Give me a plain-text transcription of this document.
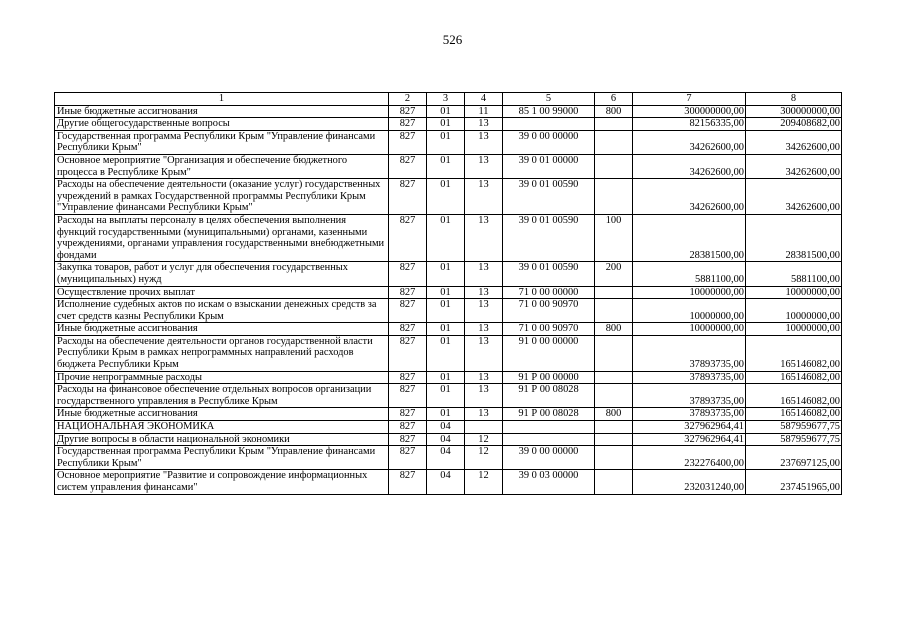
526
1	2	3	4	5	6	7	8
Иные бюджетные ассигнования	827	01	11	85 1 00 99000	800	300000000,00	300000000,00
Другие общегосударственные вопросы	827	01	13			82156335,00	209408682,00
Государственная программа Республики Крым "Управление финансами Республики Крым"	827	01	13	39 0 00 00000		34262600,00	34262600,00
Основное мероприятие "Организация и обеспечение бюджетного процесса в Республике Крым"	827	01	13	39 0 01 00000		34262600,00	34262600,00
Расходы на обеспечение деятельности (оказание услуг) государственных учреждений в рамках Государственной программы Республики Крым "Управление финансами Республики Крым"	827	01	13	39 0 01 00590		34262600,00	34262600,00
Расходы на выплаты персоналу в целях обеспечения выполнения функций государственными (муниципальными) органами, казенными учреждениями, органами управления государственными внебюджетными фондами	827	01	13	39 0 01 00590	100	28381500,00	28381500,00
Закупка товаров, работ и услуг для обеспечения государственных (муниципальных) нужд	827	01	13	39 0 01 00590	200	5881100,00	5881100,00
Осуществление прочих выплат	827	01	13	71 0 00 00000		10000000,00	10000000,00
Исполнение судебных актов по искам о взыскании денежных средств за счет средств казны Республики Крым	827	01	13	71 0 00 90970		10000000,00	10000000,00
Иные бюджетные ассигнования	827	01	13	71 0 00 90970	800	10000000,00	10000000,00
Расходы на обеспечение деятельности органов государственной власти Республики Крым в рамках непрограммных направлений расходов бюджета Республики Крым	827	01	13	91 0 00 00000		37893735,00	165146082,00
Прочие непрограммные расходы	827	01	13	91 Р 00 00000		37893735,00	165146082,00
Расходы на финансовое обеспечение отдельных вопросов организации государственного управления в Республике Крым	827	01	13	91 Р 00 08028		37893735,00	165146082,00
Иные бюджетные ассигнования	827	01	13	91 Р 00 08028	800	37893735,00	165146082,00
НАЦИОНАЛЬНАЯ ЭКОНОМИКА	827	04				327962964,41	587959677,75
Другие вопросы в области национальной экономики	827	04	12			327962964,41	587959677,75
Государственная программа Республики Крым "Управление финансами Республики Крым"	827	04	12	39 0 00 00000		232276400,00	237697125,00
Основное мероприятие "Развитие и сопровождение информационных систем управления финансами"	827	04	12	39 0 03 00000		232031240,00	237451965,00
